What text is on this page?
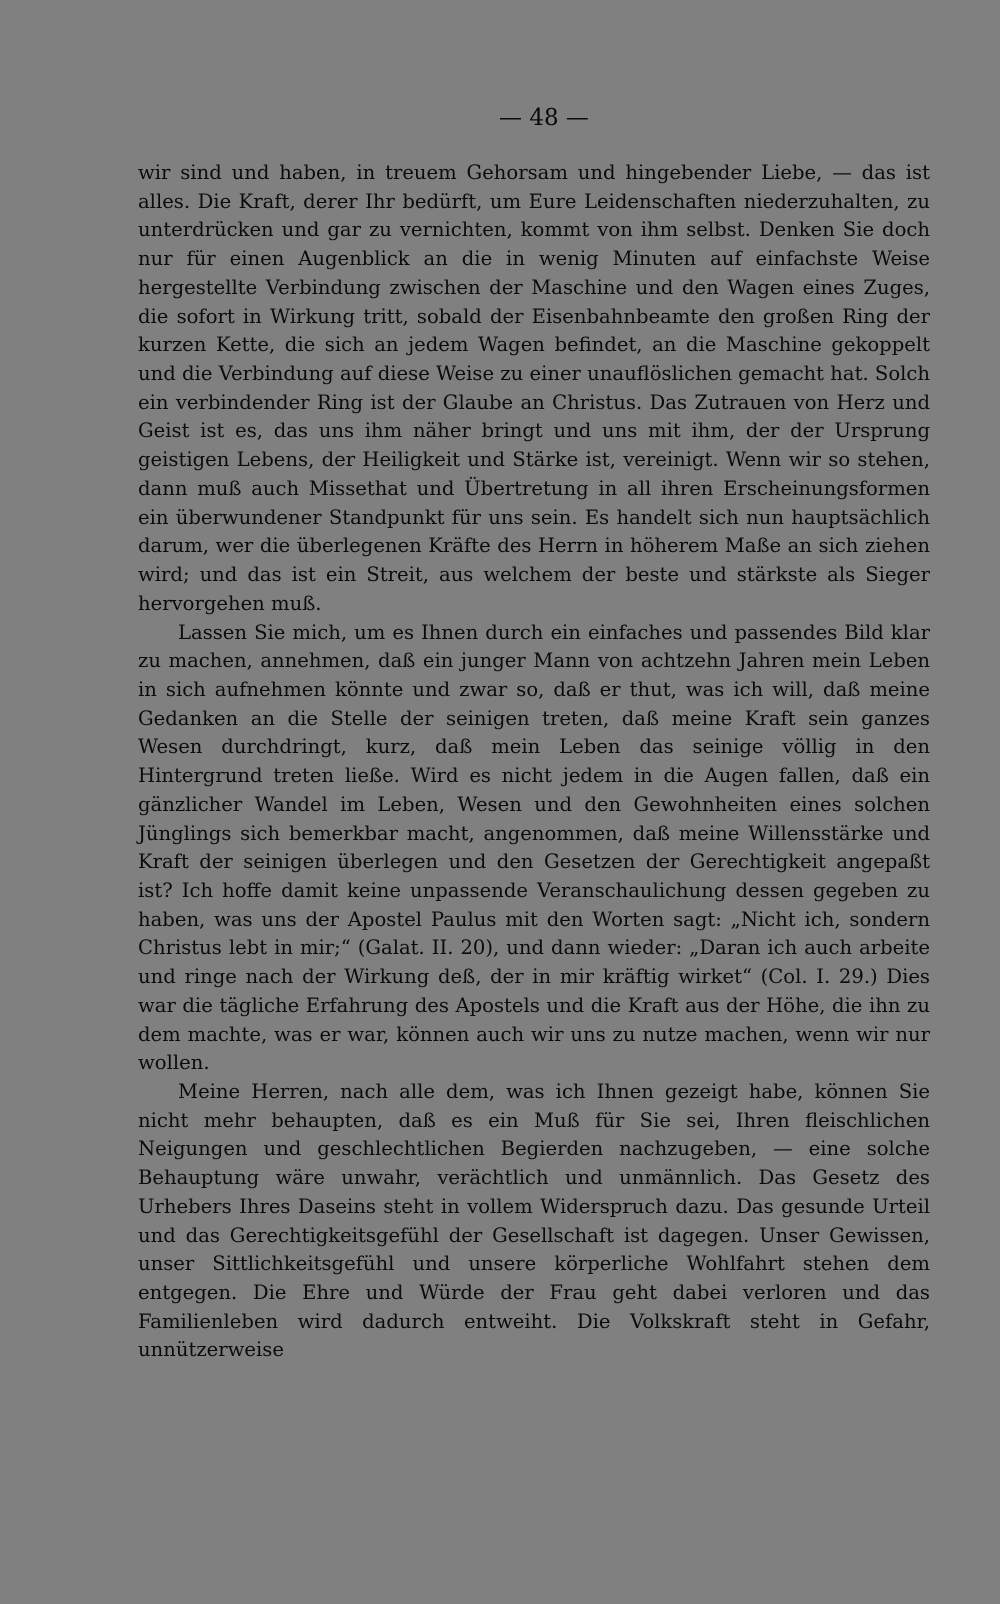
— 48 —

wir sind und haben, in treuem Gehorsam und hingebender Liebe, — das ist alles. Die Kraft, derer Ihr bedürft, um Eure Leidenschaften niederzuhalten, zu unterdrücken und gar zu vernichten, kommt von ihm selbst. Denken Sie doch nur für einen Augenblick an die in wenig Minuten auf einfachste Weise hergestellte Verbindung zwischen der Maschine und den Wagen eines Zuges, die sofort in Wirkung tritt, sobald der Eisenbahnbeamte den großen Ring der kurzen Kette, die sich an jedem Wagen befindet, an die Maschine gekoppelt und die Verbindung auf diese Weise zu einer unauflöslichen gemacht hat. Solch ein verbindender Ring ist der Glaube an Christus. Das Zutrauen von Herz und Geist ist es, das uns ihm näher bringt und uns mit ihm, der der Ursprung geistigen Lebens, der Heiligkeit und Stärke ist, vereinigt. Wenn wir so stehen, dann muß auch Missethat und Übertretung in all ihren Erscheinungsformen ein überwundener Standpunkt für uns sein. Es handelt sich nun hauptsächlich darum, wer die überlegenen Kräfte des Herrn in höherem Maße an sich ziehen wird; und das ist ein Streit, aus welchem der beste und stärkste als Sieger hervorgehen muß.

Lassen Sie mich, um es Ihnen durch ein einfaches und passendes Bild klar zu machen, annehmen, daß ein junger Mann von achtzehn Jahren mein Leben in sich aufnehmen könnte und zwar so, daß er thut, was ich will, daß meine Gedanken an die Stelle der seinigen treten, daß meine Kraft sein ganzes Wesen durchdringt, kurz, daß mein Leben das seinige völlig in den Hintergrund treten ließe. Wird es nicht jedem in die Augen fallen, daß ein gänzlicher Wandel im Leben, Wesen und den Gewohnheiten eines solchen Jünglings sich bemerkbar macht, angenommen, daß meine Willensstärke und Kraft der seinigen überlegen und den Gesetzen der Gerechtigkeit angepaßt ist? Ich hoffe damit keine unpassende Veranschaulichung dessen gegeben zu haben, was uns der Apostel Paulus mit den Worten sagt: „Nicht ich, sondern Christus lebt in mir;“ (Galat. II. 20), und dann wieder: „Daran ich auch arbeite und ringe nach der Wirkung deß, der in mir kräftig wirket“ (Col. I. 29.) Dies war die tägliche Erfahrung des Apostels und die Kraft aus der Höhe, die ihn zu dem machte, was er war, können auch wir uns zu nutze machen, wenn wir nur wollen.

Meine Herren, nach alle dem, was ich Ihnen gezeigt habe, können Sie nicht mehr behaupten, daß es ein Muß für Sie sei, Ihren fleischlichen Neigungen und geschlechtlichen Begierden nachzugeben, — eine solche Behauptung wäre unwahr, verächtlich und unmännlich. Das Gesetz des Urhebers Ihres Daseins steht in vollem Widerspruch dazu. Das gesunde Urteil und das Gerechtigkeitsgefühl der Gesellschaft ist dagegen. Unser Gewissen, unser Sittlichkeitsgefühl und unsere körperliche Wohlfahrt stehen dem entgegen. Die Ehre und Würde der Frau geht dabei verloren und das Familienleben wird dadurch entweiht. Die Volkskraft steht in Gefahr, unnützerweise
